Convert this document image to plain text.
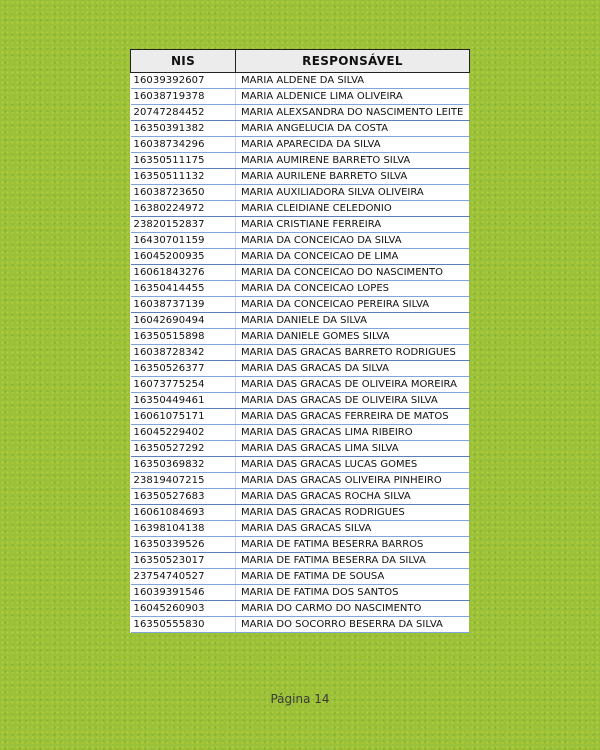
NIS	RESPONSÁVEL
16039392607	MARIA ALDENE DA SILVA
16038719378	MARIA ALDENICE LIMA OLIVEIRA
20747284452	MARIA ALEXSANDRA DO NASCIMENTO LEITE
16350391382	MARIA ANGELUCIA DA COSTA
16038734296	MARIA APARECIDA DA SILVA
16350511175	MARIA AUMIRENE BARRETO SILVA
16350511132	MARIA AURILENE BARRETO SILVA
16038723650	MARIA AUXILIADORA SILVA OLIVEIRA
16380224972	MARIA CLEIDIANE CELEDONIO
23820152837	MARIA CRISTIANE FERREIRA
16430701159	MARIA DA CONCEICAO DA SILVA
16045200935	MARIA DA CONCEICAO DE LIMA
16061843276	MARIA DA CONCEICAO DO NASCIMENTO
16350414455	MARIA DA CONCEICAO LOPES
16038737139	MARIA DA CONCEICAO PEREIRA SILVA
16042690494	MARIA DANIELE DA SILVA
16350515898	MARIA DANIELE GOMES SILVA
16038728342	MARIA DAS GRACAS BARRETO RODRIGUES
16350526377	MARIA DAS GRACAS DA SILVA
16073775254	MARIA DAS GRACAS DE OLIVEIRA MOREIRA
16350449461	MARIA DAS GRACAS DE OLIVEIRA SILVA
16061075171	MARIA DAS GRACAS FERREIRA DE MATOS
16045229402	MARIA DAS GRACAS LIMA RIBEIRO
16350527292	MARIA DAS GRACAS LIMA SILVA
16350369832	MARIA DAS GRACAS LUCAS GOMES
23819407215	MARIA DAS GRACAS OLIVEIRA PINHEIRO
16350527683	MARIA DAS GRACAS ROCHA SILVA
16061084693	MARIA DAS GRACAS RODRIGUES
16398104138	MARIA DAS GRACAS SILVA
16350339526	MARIA DE FATIMA BESERRA BARROS
16350523017	MARIA DE FATIMA BESERRA DA SILVA
23754740527	MARIA DE FATIMA DE SOUSA
16039391546	MARIA DE FATIMA DOS SANTOS
16045260903	MARIA DO CARMO DO NASCIMENTO
16350555830	MARIA DO SOCORRO BESERRA DA SILVA
Página 14
